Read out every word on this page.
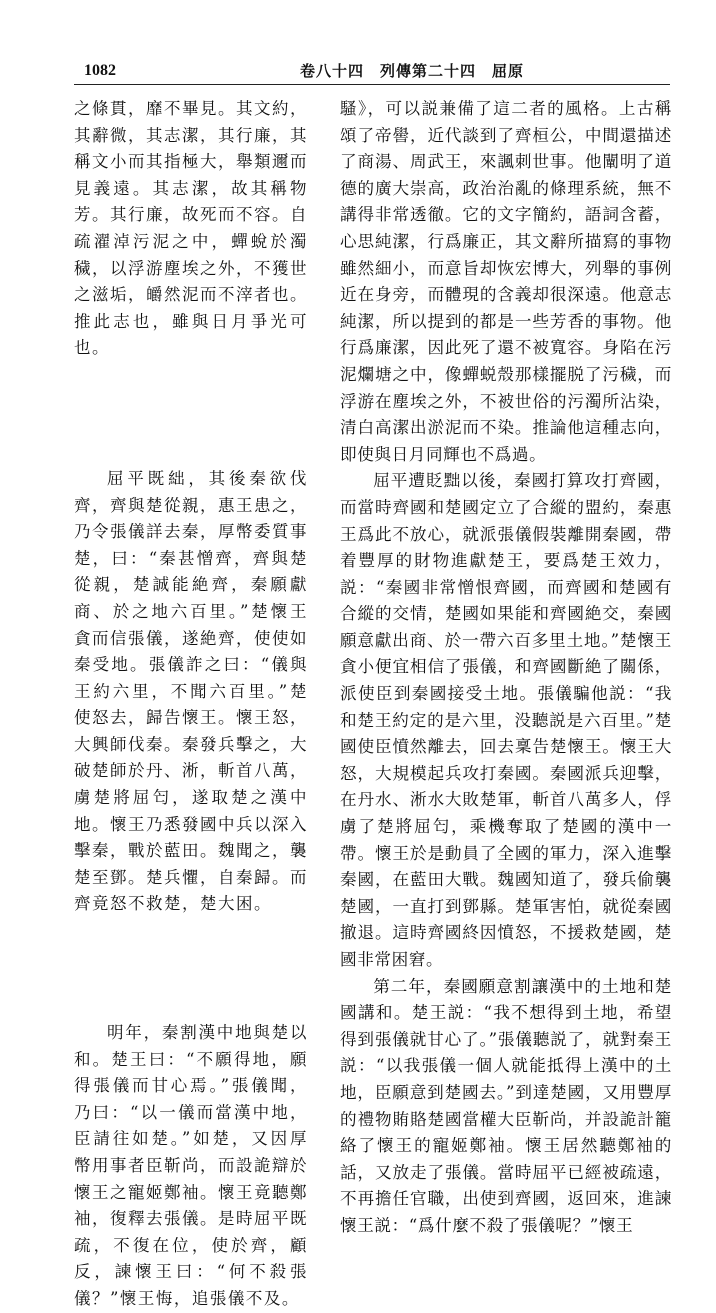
1082	卷八十四　列傳第二十四　屈原

之條貫，靡不畢見。其文約，其辭微，其志潔，其行廉，其稱文小而其指極大，舉類邇而見義遠。其志潔，故其稱物芳。其行廉，故死而不容。自疏濯淖污泥之中，蟬蛻於濁穢，以浮游塵埃之外，不獲世之滋垢，皭然泥而不滓者也。推此志也，雖與日月爭光可也。

屈平既絀，其後秦欲伐齊，齊與楚從親，惠王患之，乃令張儀詳去秦，厚幣委質事楚，曰：“秦甚憎齊，齊與楚從親，楚誠能絶齊，秦願獻商、於之地六百里。”楚懷王貪而信張儀，遂絶齊，使使如秦受地。張儀詐之曰：“儀與王約六里，不聞六百里。”楚使怒去，歸告懷王。懷王怒，大興師伐秦。秦發兵擊之，大破楚師於丹、淅，斬首八萬，虜楚將屈匄，遂取楚之漢中地。懷王乃悉發國中兵以深入擊秦，戰於藍田。魏聞之，襲楚至鄧。楚兵懼，自秦歸。而齊竟怒不救楚，楚大困。

明年，秦割漢中地與楚以和。楚王曰：“不願得地，願得張儀而甘心焉。”張儀聞，乃曰：“以一儀而當漢中地，臣請往如楚。”如楚，又因厚幣用事者臣靳尚，而設詭辯於懷王之寵姬鄭袖。懷王竟聽鄭袖，復釋去張儀。是時屈平既疏，不復在位，使於齊，顧反，諫懷王曰：“何不殺張儀？”懷王悔，追張儀不及。

騷》，可以説兼備了這二者的風格。上古稱頌了帝嚳，近代談到了齊桓公，中間還描述了商湯、周武王，來諷刺世事。他闡明了道德的廣大崇高，政治治亂的條理系統，無不講得非常透徹。它的文字簡約，語詞含蓄，心思純潔，行爲廉正，其文辭所描寫的事物雖然細小，而意旨却恢宏博大，列舉的事例近在身旁，而體現的含義却很深遠。他意志純潔，所以提到的都是一些芳香的事物。他行爲廉潔，因此死了還不被寬容。身陷在污泥爛塘之中，像蟬蜕殼那樣擺脱了污穢，而浮游在塵埃之外，不被世俗的污濁所沾染，清白高潔出淤泥而不染。推論他這種志向，即使與日月同輝也不爲過。

屈平遭貶黜以後，秦國打算攻打齊國，而當時齊國和楚國定立了合縱的盟約，秦惠王爲此不放心，就派張儀假裝離開秦國，帶着豐厚的財物進獻楚王，要爲楚王效力，説：“秦國非常憎恨齊國，而齊國和楚國有合縱的交情，楚國如果能和齊國絶交，秦國願意獻出商、於一帶六百多里土地。”楚懷王貪小便宜相信了張儀，和齊國斷絶了關係，派使臣到秦國接受土地。張儀騙他説：“我和楚王約定的是六里，没聽説是六百里。”楚國使臣憤然離去，回去稟告楚懷王。懷王大怒，大規模起兵攻打秦國。秦國派兵迎擊，在丹水、淅水大敗楚軍，斬首八萬多人，俘虜了楚將屈匄，乘機奪取了楚國的漢中一帶。懷王於是動員了全國的軍力，深入進擊秦國，在藍田大戰。魏國知道了，發兵偷襲楚國，一直打到鄧縣。楚軍害怕，就從秦國撤退。這時齊國終因憤怒，不援救楚國，楚國非常困窘。

第二年，秦國願意割讓漢中的土地和楚國講和。楚王説：“我不想得到土地，希望得到張儀就甘心了。”張儀聽説了，就對秦王説：“以我張儀一個人就能抵得上漢中的土地，臣願意到楚國去。”到達楚國，又用豐厚的禮物賄賂楚國當權大臣靳尚，并設詭計籠絡了懷王的寵姬鄭袖。懷王居然聽鄭袖的話，又放走了張儀。當時屈平已經被疏遠，不再擔任官職，出使到齊國，返回來，進諫懷王説：“爲什麼不殺了張儀呢？”懷王
